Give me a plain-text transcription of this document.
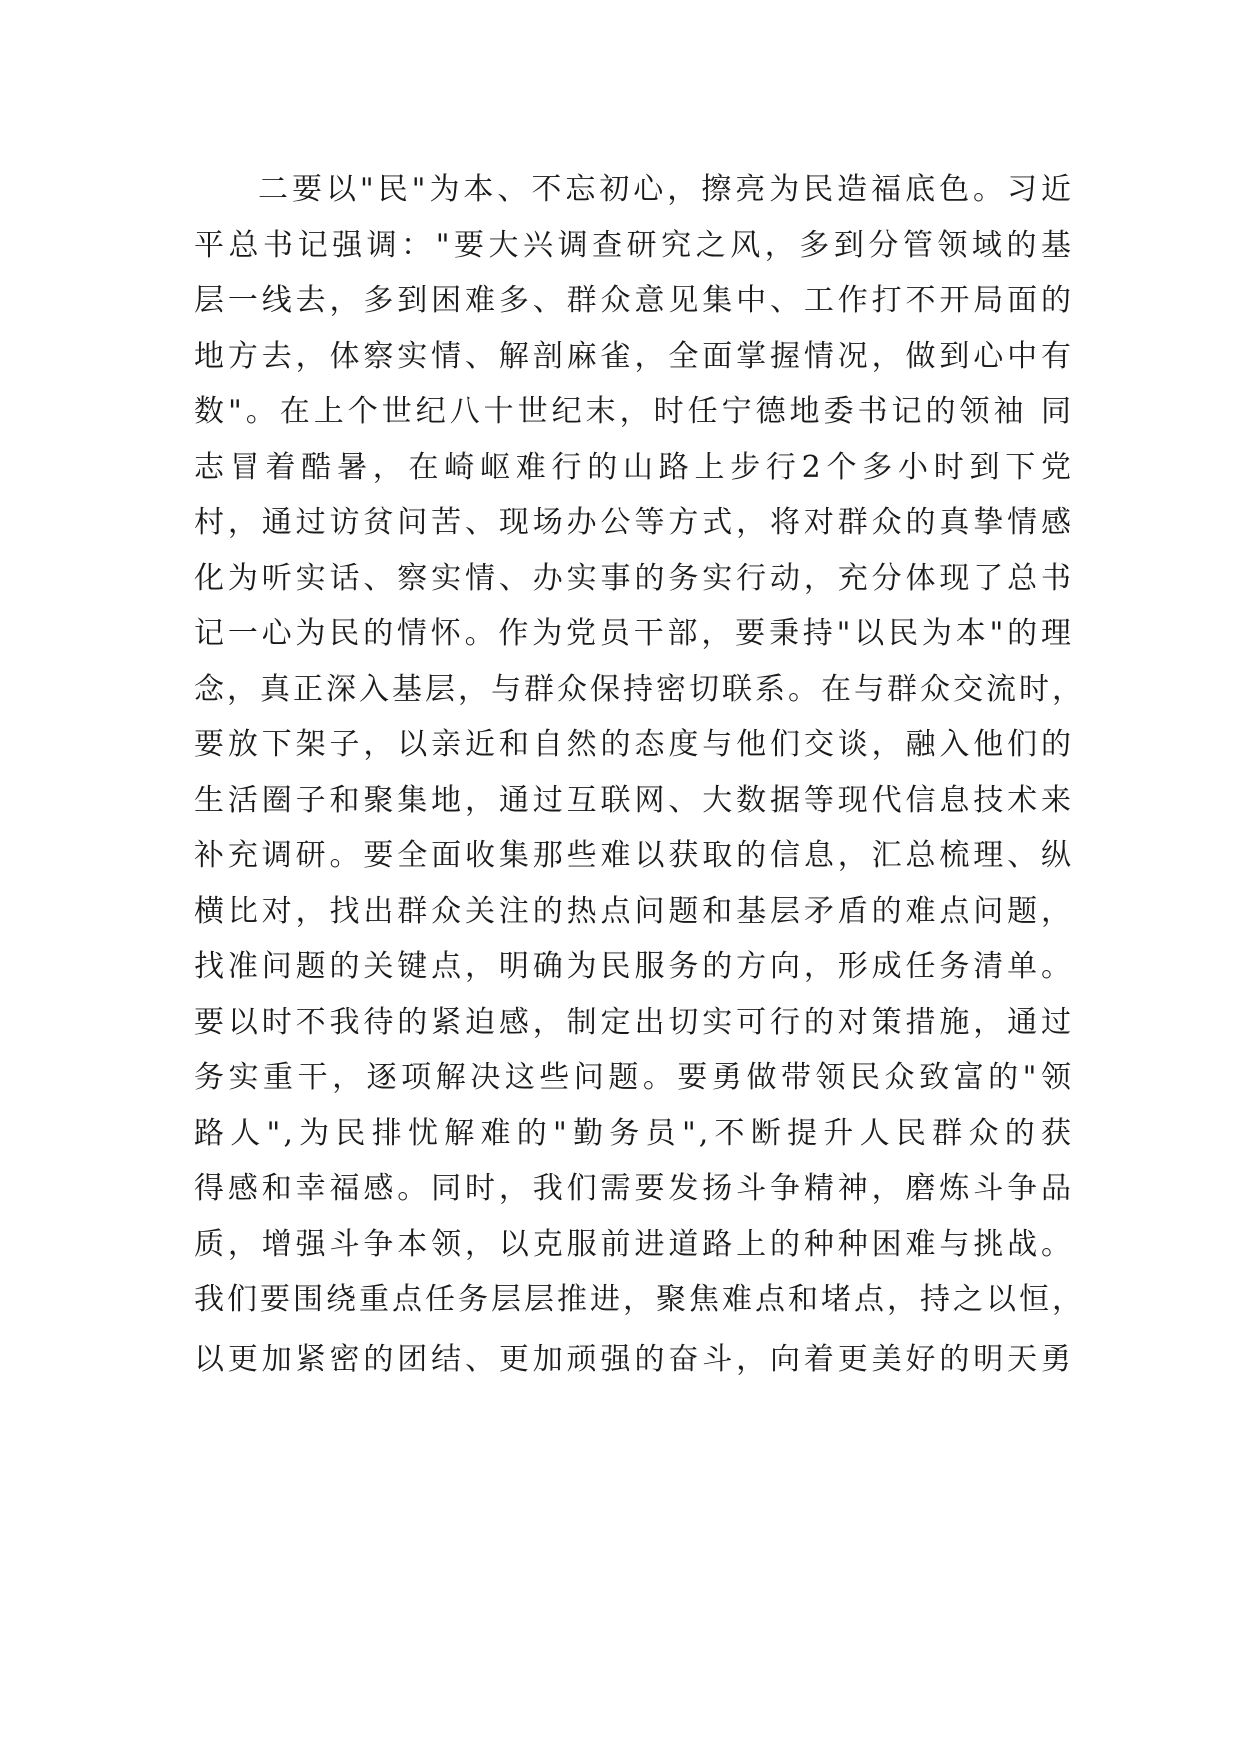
二要以"民"为本、不忘初心，擦亮为民造福底色。习近
平总书记强调："要大兴调查研究之风，多到分管领域的基
层一线去，多到困难多、群众意见集中、工作打不开局面的
地方去，体察实情、解剖麻雀，全面掌握情况，做到心中有
数"。在上个世纪八十世纪末，时任宁德地委书记的领袖 同
志冒着酷暑，在崎岖难行的山路上步行2个多小时到下党
村，通过访贫问苦、现场办公等方式，将对群众的真挚情感
化为听实话、察实情、办实事的务实行动，充分体现了总书
记一心为民的情怀。作为党员干部，要秉持"以民为本"的理
念，真正深入基层，与群众保持密切联系。在与群众交流时，
要放下架子，以亲近和自然的态度与他们交谈，融入他们的
生活圈子和聚集地，通过互联网、大数据等现代信息技术来
补充调研。要全面收集那些难以获取的信息，汇总梳理、纵
横比对，找出群众关注的热点问题和基层矛盾的难点问题，
找准问题的关键点，明确为民服务的方向，形成任务清单。
要以时不我待的紧迫感，制定出切实可行的对策措施，通过
务实重干，逐项解决这些问题。要勇做带领民众致富的"领
路人",为民排忧解难的"勤务员",不断提升人民群众的获
得感和幸福感。同时，我们需要发扬斗争精神，磨炼斗争品
质，增强斗争本领，以克服前进道路上的种种困难与挑战。
我们要围绕重点任务层层推进，聚焦难点和堵点，持之以恒，
以更加紧密的团结、更加顽强的奋斗，向着更美好的明天勇
